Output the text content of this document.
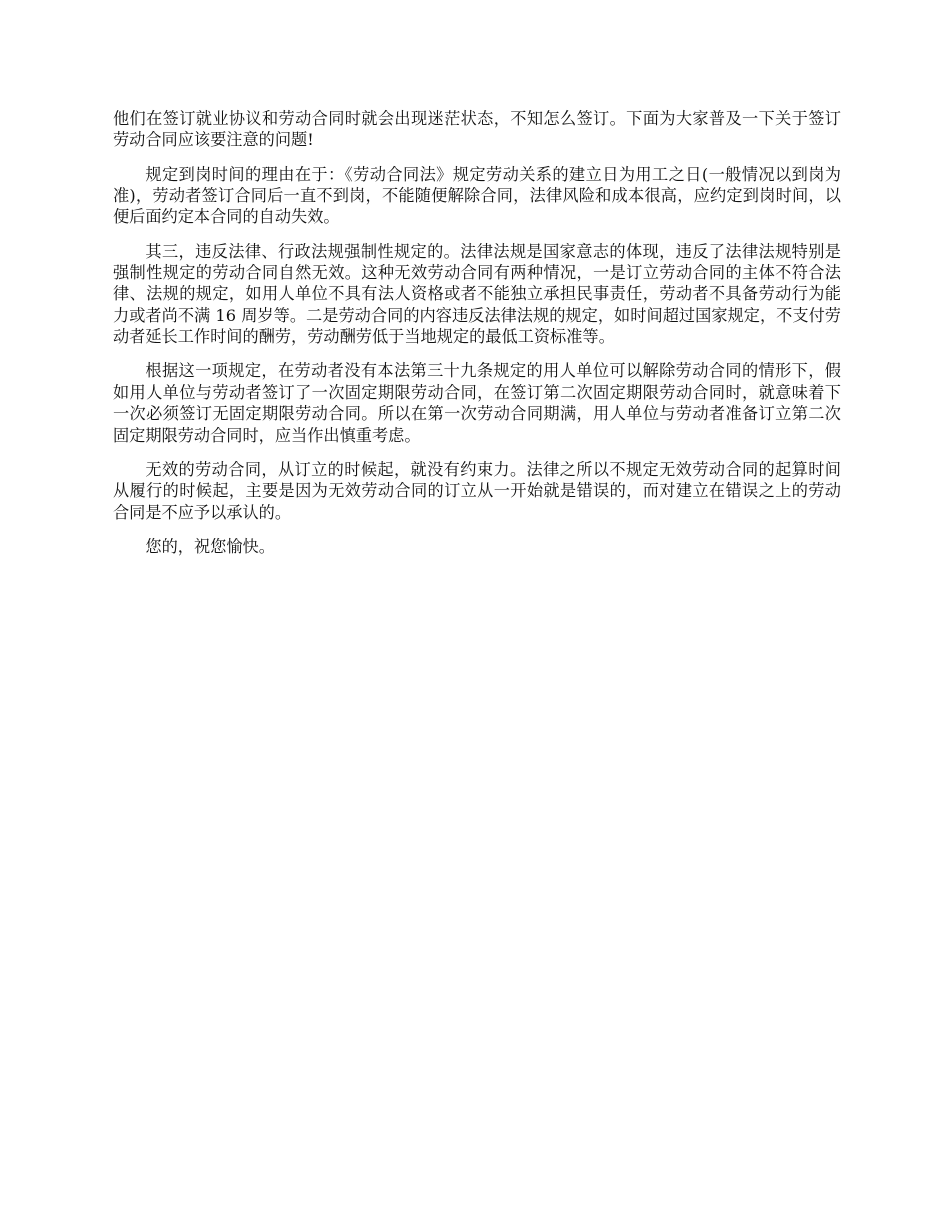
他们在签订就业协议和劳动合同时就会出现迷茫状态，不知怎么签订。下面为大家普及一下关于签订劳动合同应该要注意的问题!

规定到岗时间的理由在于：《劳动合同法》规定劳动关系的建立日为用工之日(一般情况以到岗为准)，劳动者签订合同后一直不到岗，不能随便解除合同，法律风险和成本很高，应约定到岗时间，以便后面约定本合同的自动失效。

其三，违反法律、行政法规强制性规定的。法律法规是国家意志的体现，违反了法律法规特别是强制性规定的劳动合同自然无效。这种无效劳动合同有两种情况，一是订立劳动合同的主体不符合法律、法规的规定，如用人单位不具有法人资格或者不能独立承担民事责任，劳动者不具备劳动行为能力或者尚不满 16 周岁等。二是劳动合同的内容违反法律法规的规定，如时间超过国家规定，不支付劳动者延长工作时间的酬劳，劳动酬劳低于当地规定的最低工资标准等。

根据这一项规定，在劳动者没有本法第三十九条规定的用人单位可以解除劳动合同的情形下，假如用人单位与劳动者签订了一次固定期限劳动合同，在签订第二次固定期限劳动合同时，就意味着下一次必须签订无固定期限劳动合同。所以在第一次劳动合同期满，用人单位与劳动者准备订立第二次固定期限劳动合同时，应当作出慎重考虑。

无效的劳动合同，从订立的时候起，就没有约束力。法律之所以不规定无效劳动合同的起算时间从履行的时候起，主要是因为无效劳动合同的订立从一开始就是错误的，而对建立在错误之上的劳动合同是不应予以承认的。

您的，祝您愉快。
